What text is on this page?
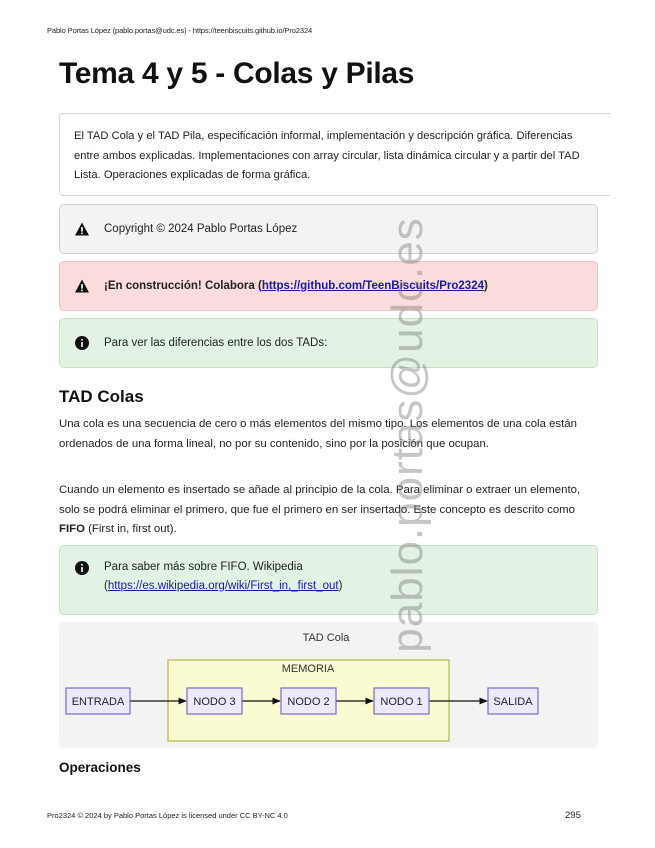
Pablo Portas López (pablo.portas@udc.es) - https://teenbiscuits.github.io/Pro2324
Tema 4 y 5 - Colas y Pilas

El TAD Cola y el TAD Pila, especificación informal, implementación y descripción gráfica. Diferencias entre ambos explicadas. Implementaciones con array circular, lista dinámica circular y a partir del TAD Lista. Operaciones explicadas de forma gráfica.

Copyright © 2024 Pablo Portas López
¡En construcción! Colabora (https://github.com/TeenBiscuits/Pro2324)
Para ver las diferencias entre los dos TADs:
TAD Colas

Una cola es una secuencia de cero o más elementos del mismo tipo. Los elementos de una cola están ordenados de una forma lineal, no por su contenido, sino por la posición que ocupan.

Cuando un elemento es insertado se añade al principio de la cola. Para eliminar o extraer un elemento, solo se podrá eliminar el primero, que fue el primero en ser insertado. Este concepto es descrito como FIFO (First in, first out).

Para saber más sobre FIFO. Wikipedia
(https://es.wikipedia.org/wiki/First_in,_first_out)
TAD Cola
MEMORIA
ENTRADA	NODO 3	NODO 2	NODO 1	SALIDA
Operaciones
Pro2324 © 2024 by Pablo Portas López is licensed under CC BY-NC 4.0	295
pablo.portas@udc.es
